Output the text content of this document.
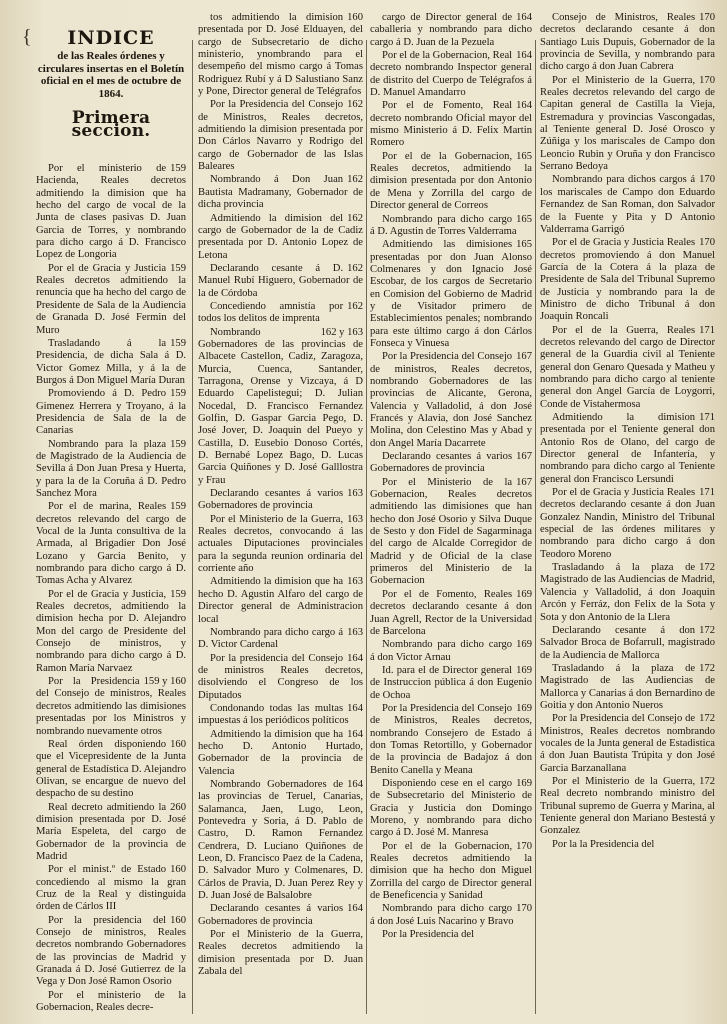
{	INDICE
de las Reales órdenes y circulares insertas en el Boletín oficial en el mes de octubre de 1864.
Primera seccion.
159
Por el ministerio de Hacienda, Reales decretos admitiendo la dimision que ha hecho del cargo de vocal de la Junta de clases pasivas D. Juan Garcia de Torres, y nombrando para dicho cargo á D. Francisco Lopez de Longoria
159
Por el de Gracia y Justicia Reales decretos admitiendo la renuncia que ha hecho del cargo de Presidente de Sala de la Audiencia de Granada D. José Fermin del Muro
159
Trasladando á la Presidencia, de dicha Sala á D. Victor Gomez Milla, y á la de Burgos á Don Miguel María Duran
159
Promoviendo á D. Pedro Gimenez Herrera y Troyano, á la Presidencia de Sala de la de Canarias
159
Nombrando para la plaza de Magistrado de la Audiencia de Sevilla á Don Juan Presa y Huerta, y para la de la Coruña á D. Pedro Sanchez Mora
159
Por el de marina, Reales decretos relevando del cargo de Vocal de la Junta consultiva de la Armada, al Brigadier Don José Lozano y Garcia Benito, y nombrando para dicho cargo á D. Tomas Acha y Alvarez
159
Por el de Gracia y Justicia, Reales decretos, admitiendo la dimision hecha por D. Alejandro Mon del cargo de Presidente del Consejo de ministros, y nombrando para dicho cargo á D. Ramon María Narvaez
159 y 160
Por la Presidencia del Consejo de ministros, Reales decretos admitiendo las dimisiones presentadas por los Ministros y nombrando nuevamente otros
160
Real órden disponiendo que el Vicepresidente de la Junta general de Estadística D. Alejandro Olivan, se encargue de nuevo del despacho de su destino
260
Real decreto admitiendo la dimision presentada por D. José María Espeleta, del cargo de Gobernador de la provincia de Madrid
160
Por el minist.º de Estado concediendo al mismo la gran Cruz de la Real y distinguida órden de Cárlos III
160
Por la presidencia del Consejo de ministros, Reales decretos nombrando Gobernadores de las provincias de Madrid y Granada á D. José Gutierrez de la Vega y Don José Ramon Osorio
Por el ministerio de la Gobernacion, Reales decre-
160
tos admitiendo la dimision presentada por D. José Elduayen, del cargo de Subsecretario de dicho ministerio, ynombrando para el desempeño del mismo cargo á Tomas Rodriguez Rubí y á D Salustiano Sanz y Pone, Director general de Telégrafos
162
Por la Presidencia del Consejo de Ministros, Reales decretos, admitiendo la dimision presentada por Don Cárlos Navarro y Rodrigo del cargo de Gobernador de las Islas Baleares
162
Nombrando á Don Juan Bautista Madramany, Gobernador de dicha provincia
162
Admitiendo la dimision del cargo de Gobernador de la de Cadiz presentada por D. Antonio Lopez de Letona
162
Declarando cesante á D. Manuel Rubí Higuero, Gobernador de la de Córdoba
162
Concediendo amnistía por todos los delitos de imprenta
162 y 163
Nombrando Gobernadores de las provincias de Albacete Castellon, Cadiz, Zaragoza, Murcia, Cuenca, Santander, Tarragona, Orense y Vizcaya, á D Eduardo Capelistegui; D. Julian Nocedal, D. Francisco Fernandez Golfin, D. Gaspar Garcia Pego, D. José Jover, D. Joaquin del Pueyo y Castilla, D. Eusebio Donoso Cortés, D. Bernabé Lopez Bago, D. Lucas Garcia Quiñones y D. José Galllostra y Frau
163
Declarando cesantes á varios Gobernadores de provincia
163
Por el Ministerio de la Guerra, Reales decretos, convocando á las actuales Diputaciones provinciales para la segunda reunion ordinaria del corriente año
163
Admitiendo la dimision que ha hecho D. Agustin Alfaro del cargo de Director general de Administracion local
163
Nombrando para dicho cargo á D. Victor Cardenal
164
Por la presidencia del Consejo de ministros Reales decretos, disolviendo el Congreso de los Diputados
164
Condonando todas las multas impuestas á los periódicos políticos
164
Admitiendo la dimision que ha hecho D. Antonio Hurtado, Gobernador de la provincia de Valencia
164
Nombrando Gobernadores de las provincias de Teruel, Canarias, Salamanca, Jaen, Lugo, Leon, Pontevedra y Soria, á D. Pablo de Castro, D. Ramon Fernandez Cendrera, D. Luciano Quiñones de Leon, D. Francisco Paez de la Cadena, D. Salvador Muro y Colmenares, D. Cárlos de Pravia, D. Juan Perez Rey y D. Juan José de Balsalobre
164
Declarando cesantes á varios Gobernadores de provincia
Por el Ministerio de la Guerra, Reales decretos admitiendo la dimision presentada por D. Juan Zabala del
164
cargo de Director general de caballeria y nombrando para dicho cargo á D. Juan de la Pezuela
164
Por el de la Gobernacion, Real decreto nombrando Inspector general de distrito del Cuerpo de Telégrafos á D. Manuel Amandarro
164
Por el de Fomento, Real decreto nombrando Oficial mayor del mismo Ministerio á D. Felix Martin Romero
165
Por el de la Gobernacion, Reales decretos, admitiendo la dimision presentada por don Antonio de Mena y Zorrilla del cargo de Director general de Correos
165
Nombrando para dicho cargo á D. Agustin de Torres Valderrama
165
Admitiendo las dimisiones presentadas por don Juan Alonso Colmenares y don Ignacio José Escobar, de los cargos de Secretario en Comision del Gobierno de Madrid y de Visitador primero de Establecimientos penales; nombrando para este último cargo á don Cárlos Fonseca y Vinuesa
167
Por la Presidencia del Consejo de ministros, Reales decretos, nombrando Gobernadores de las provincias de Alicante, Gerona, Valencia y Valladolid, á don José Francés y Alavia, don José Sanchez Molina, don Celestino Mas y Abad y don Angel María Dacarrete
167
Declarando cesantes á varios Gobernadores de provincia
167
Por el Ministerio de la Gobernacion, Reales decretos admitiendo las dimisiones que han hecho don José Osorio y Silva Duque de Sesto y don Fidel de Sagarminaga del cargo de Alcalde Corregidor de Madrid y de Oficial de la clase primeros del Ministerio de la Gobernacion
169
Por el de Fomento, Reales decretos declarando cesante á don Juan Agrell, Rector de la Universidad de Barcelona
169
Nombrando para dicho cargo á don Victor Arnau
169
Id. para el de Director general de Instruccion pública á don Eugenio de Ochoa
169
Por la Presidencia del Consejo de Ministros, Reales decretos, nombrando Consejero de Estado á don Tomas Retortillo, y Gobernador de la provincia de Badajoz á don Benito Canella y Meana
169
Disponiendo cese en el cargo de Subsecretario del Ministerio de Gracia y Justicia don Domingo Moreno, y nombrando para dicho cargo á D. José M. Manresa
170
Por el de la Gobernacion, Reales decretos admitiendo la dimision que ha hecho don Miguel Zorrilla del cargo de Director general de Beneficencia y Sanidad
170
Nombrando para dicho cargo á don José Luis Nacarino y Bravo
Por la Presidencia del
170
Consejo de Ministros, Reales decretos declarando cesante á don Santiago Luis Dupuis, Gobernador de la provincia de Sevilla, y nombrando para dicho cargo á don Juan Cabrera
170
Por el Ministerio de la Guerra, Reales decretos relevando del cargo de Capitan general de Castilla la Vieja, Estremadura y provincias Vascongadas, al Teniente general D. José Orosco y Zúñiga y los mariscales de Campo don Leoncio Rubin y Oruña y don Francisco Serrano Bedoya
170
Nombrando para dichos cargos á los mariscales de Campo don Eduardo Fernandez de San Roman, don Salvador de la Fuente y Pita y D Antonio Valderrama Garrigó
170
Por el de Gracia y Justicia Reales decretos promoviendo á don Manuel García de la Cotera á la plaza de Presidente de Sala del Tribunal Supremo de Justicia y nombrando para la de Ministro de dicho Tribunal á don Joaquin Roncali
171
Por el de la Guerra, Reales decretos relevando del cargo de Director general de la Guardia civil al Teniente general don Genaro Quesada y Matheu y nombrando para dicho cargo al teniente general don Angel García de Loygorri, Conde de Vistahermosa
171
Admitiendo la dimision presentada por el Teniente general don Antonio Ros de Olano, del cargo de Director general de Infantería, y nombrando para dicho cargo al Teniente general don Francisco Lersundi
171
Por el de Gracia y Justicia Reales decretos declarando cesante á don Juan Gonzalez Nandin, Ministro del Tribunal especial de las órdenes militares y nombrando para dicho cargo á don Teodoro Moreno
172
Trasladando á la plaza de Magistrado de las Audiencias de Madrid, Valencia y Valladolid, á don Joaquin Arcón y Ferráz, don Felix de la Sota y Sota y don Antonio de la Llera
172
Declarando cesante á don Salvador Broca de Bofarrull, magistrado de la Audiencia de Mallorca
172
Trasladando á la plaza de Magistrado de las Audiencias de Mallorca y Canarias á don Bernardino de Goitia y don Antonio Nueros
172
Por la Presidencia del Consejo de Ministros, Reales decretos nombrando vocales de la Junta general de Estadistica á don Juan Bautista Trúpita y don José Garcia Barzanallana
172
Por el Ministerio de la Guerra, Real decreto nombrando ministro del Tribunal supremo de Guerra y Marina, al Teniente general don Mariano Bestestá y Gonzalez
Por la la Presidencia del
